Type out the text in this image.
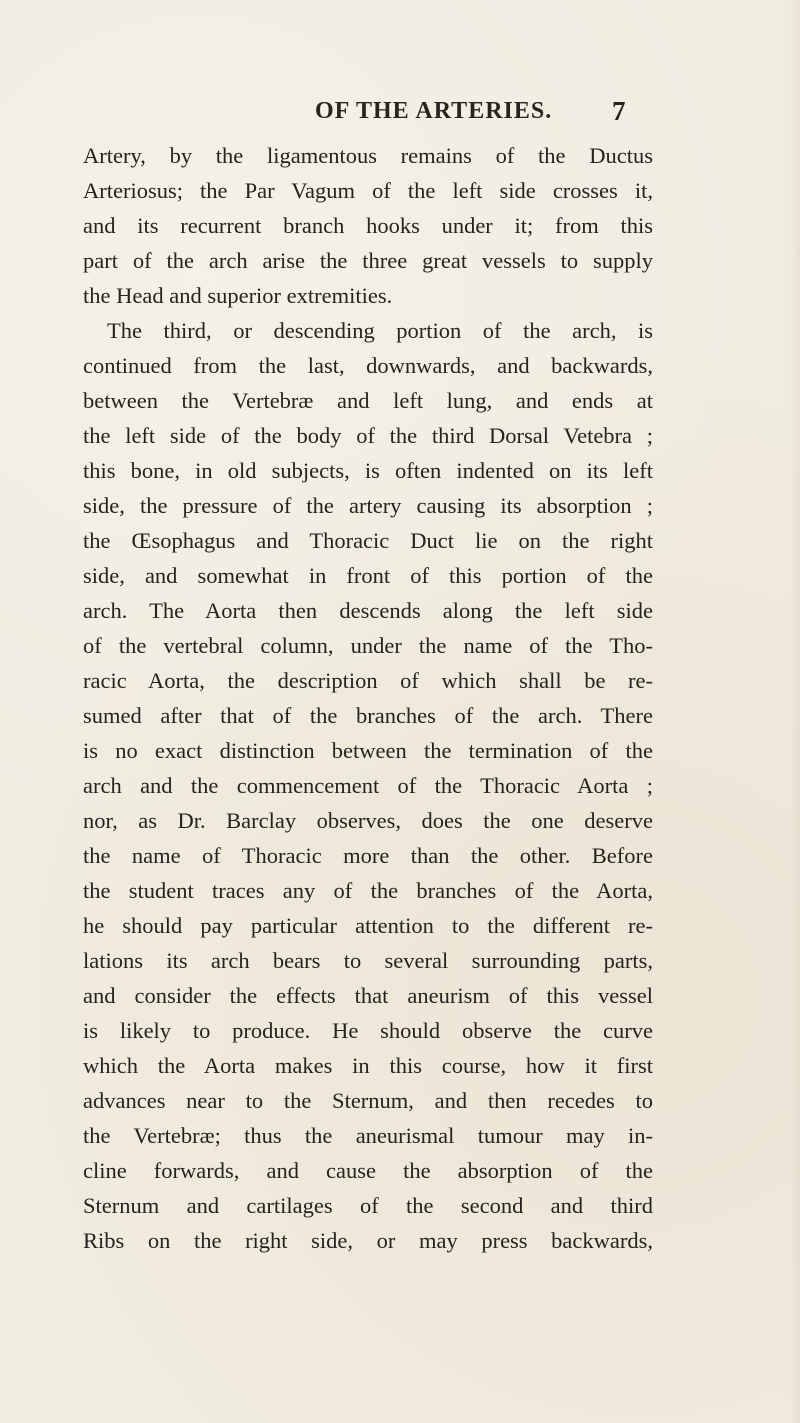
OF THE ARTERIES. 7
Artery, by the ligamentous remains of the Ductus
Arteriosus; the Par Vagum of the left side crosses it,
and its recurrent branch hooks under it; from this
part of the arch arise the three great vessels to supply
the Head and superior extremities.
The third, or descending portion of the arch, is
continued from the last, downwards, and backwards,
between the Vertebræ and left lung, and ends at
the left side of the body of the third Dorsal Vetebra ;
this bone, in old subjects, is often indented on its left
side, the pressure of the artery causing its absorption ;
the Œsophagus and Thoracic Duct lie on the right
side, and somewhat in front of this portion of the
arch. The Aorta then descends along the left side
of the vertebral column, under the name of the Tho-
racic Aorta, the description of which shall be re-
sumed after that of the branches of the arch. There
is no exact distinction between the termination of the
arch and the commencement of the Thoracic Aorta ;
nor, as Dr. Barclay observes, does the one deserve
the name of Thoracic more than the other. Before
the student traces any of the branches of the Aorta,
he should pay particular attention to the different re-
lations its arch bears to several surrounding parts,
and consider the effects that aneurism of this vessel
is likely to produce. He should observe the curve
which the Aorta makes in this course, how it first
advances near to the Sternum, and then recedes to
the Vertebræ; thus the aneurismal tumour may in-
cline forwards, and cause the absorption of the
Sternum and cartilages of the second and third
Ribs on the right side, or may press backwards,
